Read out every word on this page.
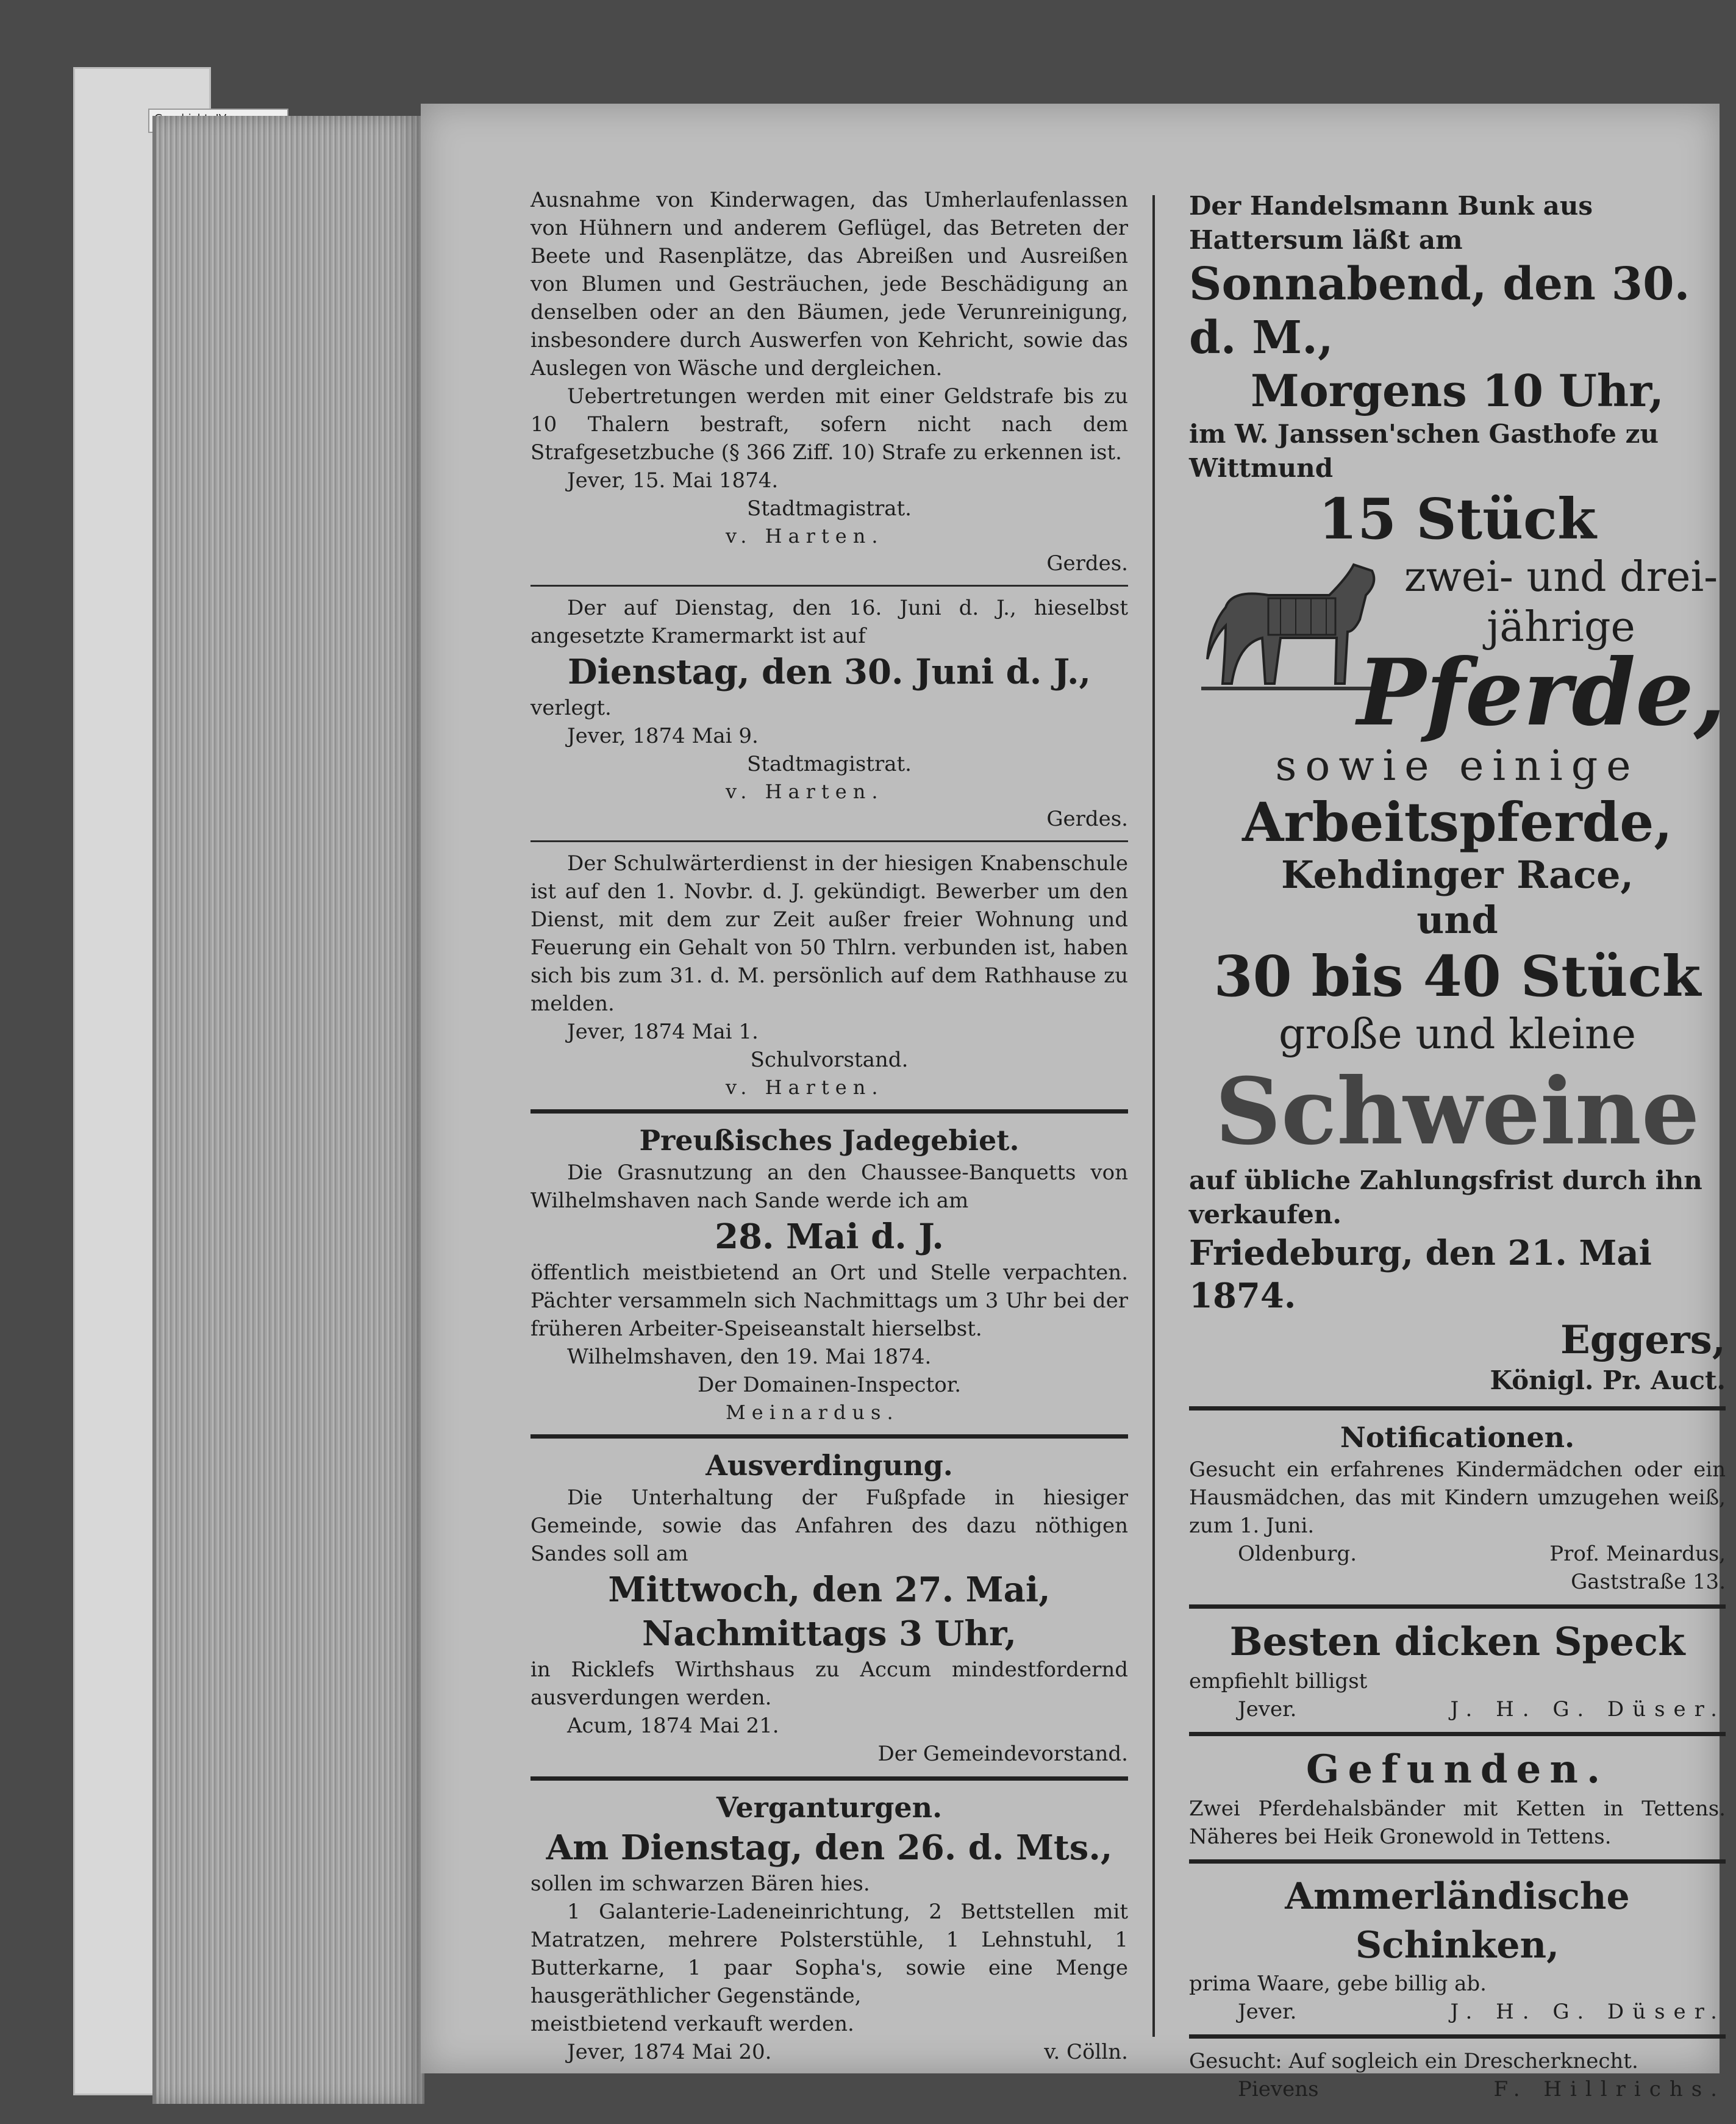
Ausnahme von Kinderwagen, das Umherlaufenlassen von Hühnern und anderem Geflügel, das Betreten der Beete und Rasenplätze, das Abreißen und Ausreißen von Blumen und Gesträuchen, jede Beschädigung an denselben oder an den Bäumen, jede Verunreinigung, insbesondere durch Auswerfen von Kehricht, sowie das Auslegen von Wäsche und dergleichen.

Uebertretungen werden mit einer Geldstrafe bis zu 10 Thalern bestraft, sofern nicht nach dem Strafgesetzbuche (§ 366 Ziff. 10) Strafe zu erkennen ist.

Jever, 15. Mai 1874.

Stadtmagistrat.

v. Harten.

Gerdes.

Der auf Dienstag, den 16. Juni d. J., hieselbst angesetzte Kramermarkt ist auf

Dienstag, den 30. Juni d. J.,

verlegt.

Jever, 1874 Mai 9.

Stadtmagistrat.

v. Harten.

Gerdes.

Der Schulwärterdienst in der hiesigen Knabenschule ist auf den 1. Novbr. d. J. gekündigt. Bewerber um den Dienst, mit dem zur Zeit außer freier Wohnung und Feuerung ein Gehalt von 50 Thlrn. verbunden ist, haben sich bis zum 31. d. M. persönlich auf dem Rathhause zu melden.

Jever, 1874 Mai 1.

Schulvorstand.

v. Harten.

Preußisches Jadegebiet.

Die Grasnutzung an den Chaussee-Banquetts von Wilhelmshaven nach Sande werde ich am

28. Mai d. J.

öffentlich meistbietend an Ort und Stelle verpachten. Pächter versammeln sich Nachmittags um 3 Uhr bei der früheren Arbeiter-Speiseanstalt hierselbst.

Wilhelmshaven, den 19. Mai 1874.

Der Domainen-Inspector.

Meinardus.

Ausverdingung.

Die Unterhaltung der Fußpfade in hiesiger Gemeinde, sowie das Anfahren des dazu nöthigen Sandes soll am

Mittwoch, den 27. Mai,

Nachmittags 3 Uhr,

in Ricklefs Wirthshaus zu Accum mindestfordernd ausverdungen werden.

Acum, 1874 Mai 21.

Der Gemeindevorstand.

Verganturgen.

Am Dienstag, den 26. d. Mts.,

sollen im schwarzen Bären hies.

1 Galanterie-Ladeneinrichtung, 2 Bettstellen mit Matratzen, mehrere Polsterstühle, 1 Lehnstuhl, 1 Butterkarne, 1 paar Sopha's, sowie eine Menge hausgeräthlicher Gegenstände,

meistbietend verkauft werden.

Jever, 1874 Mai 20.	v. Cölln.

Der Handelsmann Bunk aus

Hattersum läßt am

Sonnabend, den 30. d. M.,

Morgens 10 Uhr,

im W. Janssen'schen Gasthofe zu

Wittmund

15 Stück

zwei- und drei-

jährige

Pferde,

sowie einige

Arbeitspferde,

Kehdinger Race,

und

30 bis 40 Stück

große und kleine

Schweine

auf übliche Zahlungsfrist durch ihn

verkaufen.

Friedeburg, den 21. Mai 1874.

Eggers,

Königl. Pr. Auct.

Notificationen.

Gesucht ein erfahrenes Kindermädchen oder ein Hausmädchen, das mit Kindern umzugehen weiß, zum 1. Juni.

Oldenburg.	Prof. Meinardus,

Gaststraße 13.

Besten dicken Speck

empfiehlt billigst

Jever.	J. H. G. Düser.

Gefunden.

Zwei Pferdehalsbänder mit Ketten in Tettens. Näheres bei Heik Gronewold in Tettens.

Ammerländische Schinken,

prima Waare, gebe billig ab.

Jever.	J. H. G. Düser.

Gesucht: Auf sogleich ein Drescherknecht.

Pievens	F. Hillrichs.
